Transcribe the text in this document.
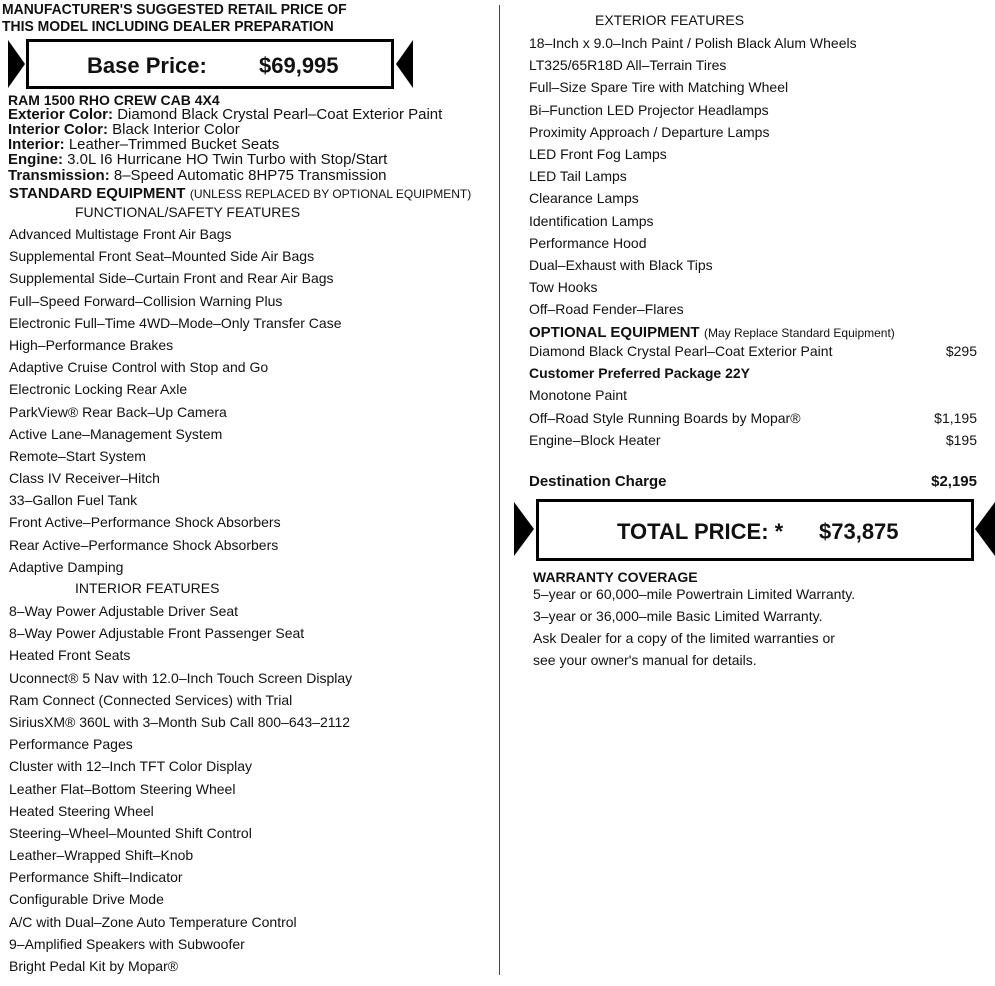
MANUFACTURER'S SUGGESTED RETAIL PRICE OF
THIS MODEL INCLUDING DEALER PREPARATION
Base Price: $69,995
RAM 1500 RHO CREW CAB 4X4
Exterior Color: Diamond Black Crystal Pearl–Coat Exterior Paint
Interior Color: Black Interior Color
Interior: Leather–Trimmed Bucket Seats
Engine: 3.0L I6 Hurricane HO Twin Turbo with Stop/Start
Transmission: 8–Speed Automatic 8HP75 Transmission
STANDARD EQUIPMENT (UNLESS REPLACED BY OPTIONAL EQUIPMENT)
FUNCTIONAL/SAFETY FEATURES
Advanced Multistage Front Air Bags
Supplemental Front Seat–Mounted Side Air Bags
Supplemental Side–Curtain Front and Rear Air Bags
Full–Speed Forward–Collision Warning Plus
Electronic Full–Time 4WD–Mode–Only Transfer Case
High–Performance Brakes
Adaptive Cruise Control with Stop and Go
Electronic Locking Rear Axle
ParkView® Rear Back–Up Camera
Active Lane–Management System
Remote–Start System
Class IV Receiver–Hitch
33–Gallon Fuel Tank
Front Active–Performance Shock Absorbers
Rear Active–Performance Shock Absorbers
Adaptive Damping
INTERIOR FEATURES
8–Way Power Adjustable Driver Seat
8–Way Power Adjustable Front Passenger Seat
Heated Front Seats
Uconnect® 5 Nav with 12.0–Inch Touch Screen Display
Ram Connect (Connected Services) with Trial
SiriusXM® 360L with 3–Month Sub Call 800–643–2112
Performance Pages
Cluster with 12–Inch TFT Color Display
Leather Flat–Bottom Steering Wheel
Heated Steering Wheel
Steering–Wheel–Mounted Shift Control
Leather–Wrapped Shift–Knob
Performance Shift–Indicator
Configurable Drive Mode
A/C with Dual–Zone Auto Temperature Control
9–Amplified Speakers with Subwoofer
Bright Pedal Kit by Mopar®
EXTERIOR FEATURES
18–Inch x 9.0–Inch Paint / Polish Black Alum Wheels
LT325/65R18D All–Terrain Tires
Full–Size Spare Tire with Matching Wheel
Bi–Function LED Projector Headlamps
Proximity Approach / Departure Lamps
LED Front Fog Lamps
LED Tail Lamps
Clearance Lamps
Identification Lamps
Performance Hood
Dual–Exhaust with Black Tips
Tow Hooks
Off–Road Fender–Flares
OPTIONAL EQUIPMENT (May Replace Standard Equipment)
Diamond Black Crystal Pearl–Coat Exterior Paint	$295
Customer Preferred Package 22Y
Monotone Paint
Off–Road Style Running Boards by Mopar®	$1,195
Engine–Block Heater	$195
Destination Charge	$2,195
TOTAL PRICE: * $73,875
WARRANTY COVERAGE
5–year or 60,000–mile Powertrain Limited Warranty.
3–year or 36,000–mile Basic Limited Warranty.
Ask Dealer for a copy of the limited warranties or
see your owner's manual for details.
